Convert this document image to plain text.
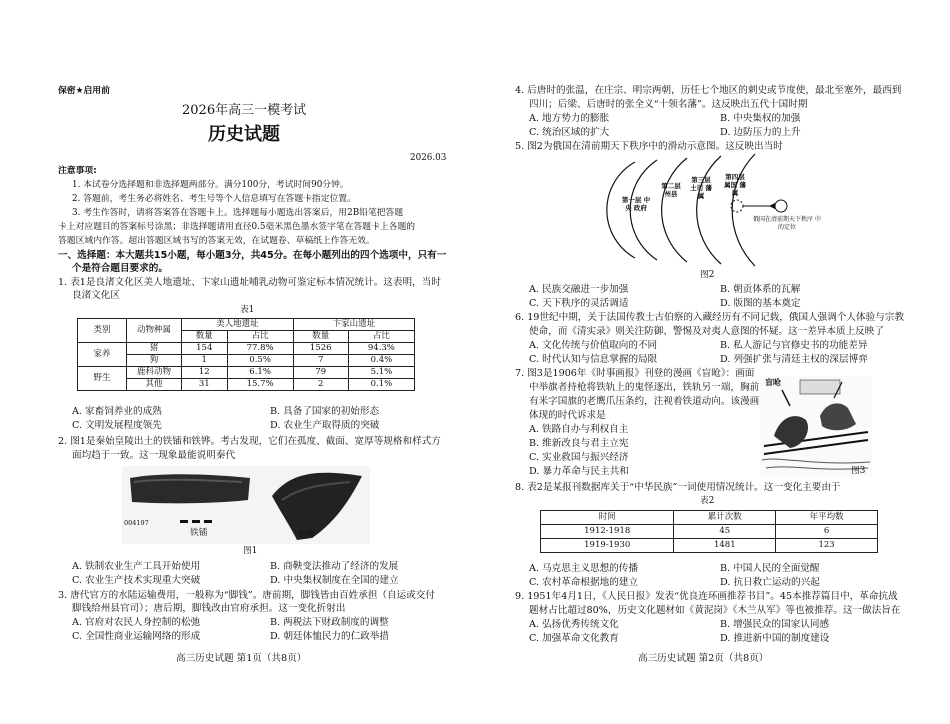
保密★启用前
2026年高三一模考试
历史试题
2026.03
注意事项:
1. 本试卷分选择题和非选择题两部分。满分100分，考试时间90分钟。
2. 答题前，考生务必将姓名、考生号等个人信息填写在答题卡指定位置。
3. 考生作答时，请将答案答在答题卡上。选择题每小题选出答案后，用2B铅笔把答题
卡上对应题目的答案标号涂黑；非选择题请用直径0.5毫米黑色墨水签字笔在答题卡上各题的
答题区域内作答。超出答题区域书写的答案无效，在试题卷、草稿纸上作答无效。
一、选择题：本大题共15小题，每小题3分，共45分。在每小题列出的四个选项中，只有一
个是符合题目要求的。
1. 表1是良渚文化区美人地遗址、卞家山遗址哺乳动物可鉴定标本情况统计。这表明，当时
良渚文化区
表1
类别	动物种属	美人地遗址		卞家山遗址	
		数量	占比	数量	占比
家养	猪	154	77.8%	1526	94.3%
	狗	1	0.5%	7	0.4%
野生	鹿科动物	12	6.1%	79	5.1%
	其他	31	15.7%	2	0.1%
A. 家畜饲养业的成熟	B. 具备了国家的初始形态
C. 文明发展程度领先	D. 农业生产取得质的突破
2. 图1是秦始皇陵出土的铁锸和铁铧。考古发现，它们在孤度、截面、宽厚等规格和样式方
面均趋于一致。这一现象最能说明秦代
004197
铁锸	铁铧
图1
A. 铁制农业生产工具开始使用	B. 商鞅变法推动了经济的发展
C. 农业生产技术实现重大突破	D. 中央集权制度在全国的建立
3. 唐代官方的水陆运输费用，一般称为“脚钱”。唐前期，脚钱皆由百姓承担（自运或交付
脚钱给州县官司）；唐后期，脚钱改由官府承担。这一变化折射出
A. 官府对农民人身控制的松弛	B. 两税法下财政制度的调整
C. 全国性商业运输网络的形成	D. 朝廷体恤民力的仁政举措
高三历史试题 第1页（共8页）
4. 后唐时的张温，在庄宗、明宗两朝，历任七个地区的刺史或节度使，最北至塞外，最西到
四川；后梁、后唐时的张全义“十领名藩”。这反映出五代十国时期
A. 地方势力的膨胀	B. 中央集权的加强
C. 统治区域的扩大	D. 边防压力的上升
5. 图2为俄国在清前期天下秩序中的滑动示意图。这反映出当时
第一层 中央 政府
第二层 州县
第三层 土司 藩属
第四层 属国 藩属
俄国在清前期天下秩序 中的定位
图2
A. 民族交融进一步加强	B. 朝贡体系的瓦解
C. 天下秩序的灵活调适	D. 版图的基本奠定
6. 19世纪中期，关于法国传教士古伯察的入藏经历有不同记载，俄国人强调个人体验与宗教
使命，而《清实录》则关注防御、警惕及对夷人意图的怀疑。这一差异本质上反映了
A. 文化传统与价值取向的不同	B. 私人游记与官修史书的功能差异
C. 时代认知与信息掌握的局限	D. 列强扩张与清廷主权的深层博弈
7. 图3是1906年《时事画报》刊登的漫画《盲呛》：画面
中举旗者持枪将铁轨上的鬼怪逐出，铁轨另一端，胸前
有米字国旗的老鹰爪压条约，注视着铁道动向。该漫画
体现的时代诉求是
A. 铁路自办与利权自主
B. 维新改良与君主立宪
C. 实业救国与振兴经济
D. 暴力革命与民主共和
盲呛
图3
8. 表2是某报刊数据库关于“中华民族”一词使用情况统计。这一变化主要由于
表2
时间	累计次数	年平均数
1912-1918	45	6
1919-1930	1481	123
A. 马克思主义思想的传播	B. 中国人民的全面觉醒
C. 农村革命根据地的建立	D. 抗日救亡运动的兴起
9. 1951年4月1日，《人民日报》发表“优良连环画推荐书目”。45本推荐篇目中，革命抗战
题材占比超过80%，历史文化题材如《黄泥岗》《木兰从军》等也被推荐。这一做法旨在
A. 弘扬优秀传统文化	B. 增强民众的国家认同感
C. 加强革命文化教育	D. 推进新中国的制度建设
高三历史试题 第2页（共8页）
